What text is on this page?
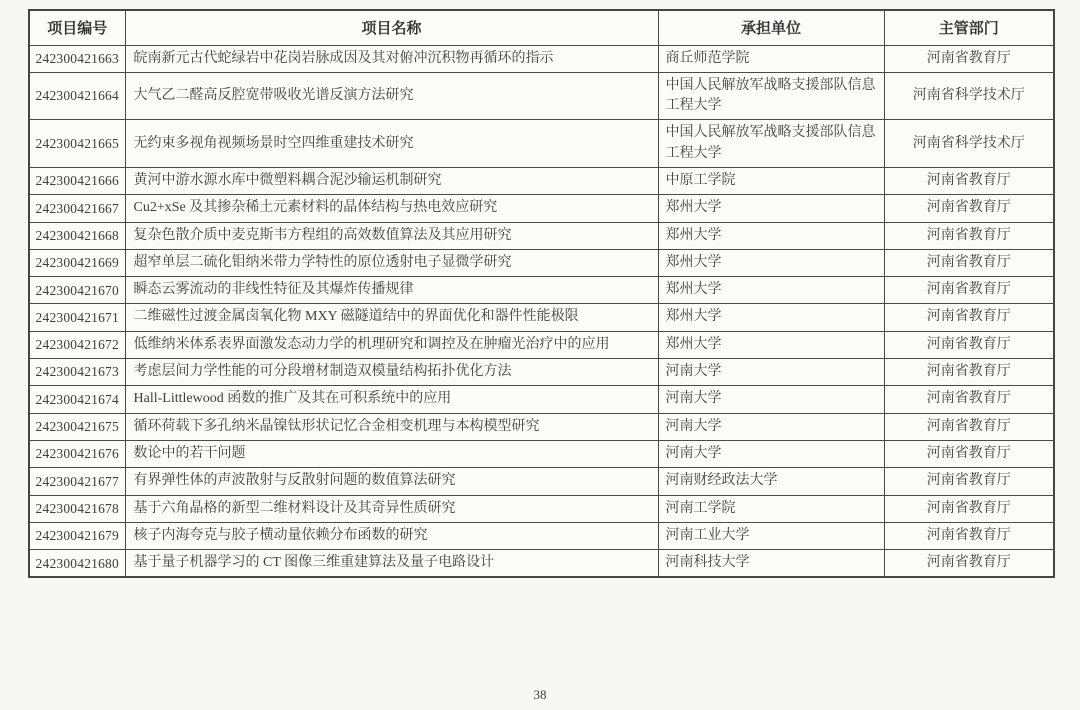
项目编号	项目名称	承担单位	主管部门
242300421663	皖南新元古代蛇绿岩中花岗岩脉成因及其对俯冲沉积物再循环的指示	商丘师范学院	河南省教育厅
242300421664	大气乙二醛高反腔宽带吸收光谱反演方法研究	中国人民解放军战略支援部队信息工程大学	河南省科学技术厅
242300421665	无约束多视角视频场景时空四维重建技术研究	中国人民解放军战略支援部队信息工程大学	河南省科学技术厅
242300421666	黄河中游水源水库中微塑料耦合泥沙输运机制研究	中原工学院	河南省教育厅
242300421667	Cu2+xSe 及其掺杂稀土元素材料的晶体结构与热电效应研究	郑州大学	河南省教育厅
242300421668	复杂色散介质中麦克斯韦方程组的高效数值算法及其应用研究	郑州大学	河南省教育厅
242300421669	超窄单层二硫化钼纳米带力学特性的原位透射电子显微学研究	郑州大学	河南省教育厅
242300421670	瞬态云雾流动的非线性特征及其爆炸传播规律	郑州大学	河南省教育厅
242300421671	二维磁性过渡金属卤氧化物 MXY 磁隧道结中的界面优化和器件性能极限	郑州大学	河南省教育厅
242300421672	低维纳米体系表界面激发态动力学的机理研究和调控及在肿瘤光治疗中的应用	郑州大学	河南省教育厅
242300421673	考虑层间力学性能的可分段增材制造双模量结构拓扑优化方法	河南大学	河南省教育厅
242300421674	Hall-Littlewood 函数的推广及其在可积系统中的应用	河南大学	河南省教育厅
242300421675	循环荷载下多孔纳米晶镍钛形状记忆合金相变机理与本构模型研究	河南大学	河南省教育厅
242300421676	数论中的若干问题	河南大学	河南省教育厅
242300421677	有界弹性体的声波散射与反散射问题的数值算法研究	河南财经政法大学	河南省教育厅
242300421678	基于六角晶格的新型二维材料设计及其奇异性质研究	河南工学院	河南省教育厅
242300421679	核子内海夸克与胶子横动量依赖分布函数的研究	河南工业大学	河南省教育厅
242300421680	基于量子机器学习的 CT 图像三维重建算法及量子电路设计	河南科技大学	河南省教育厅
38
